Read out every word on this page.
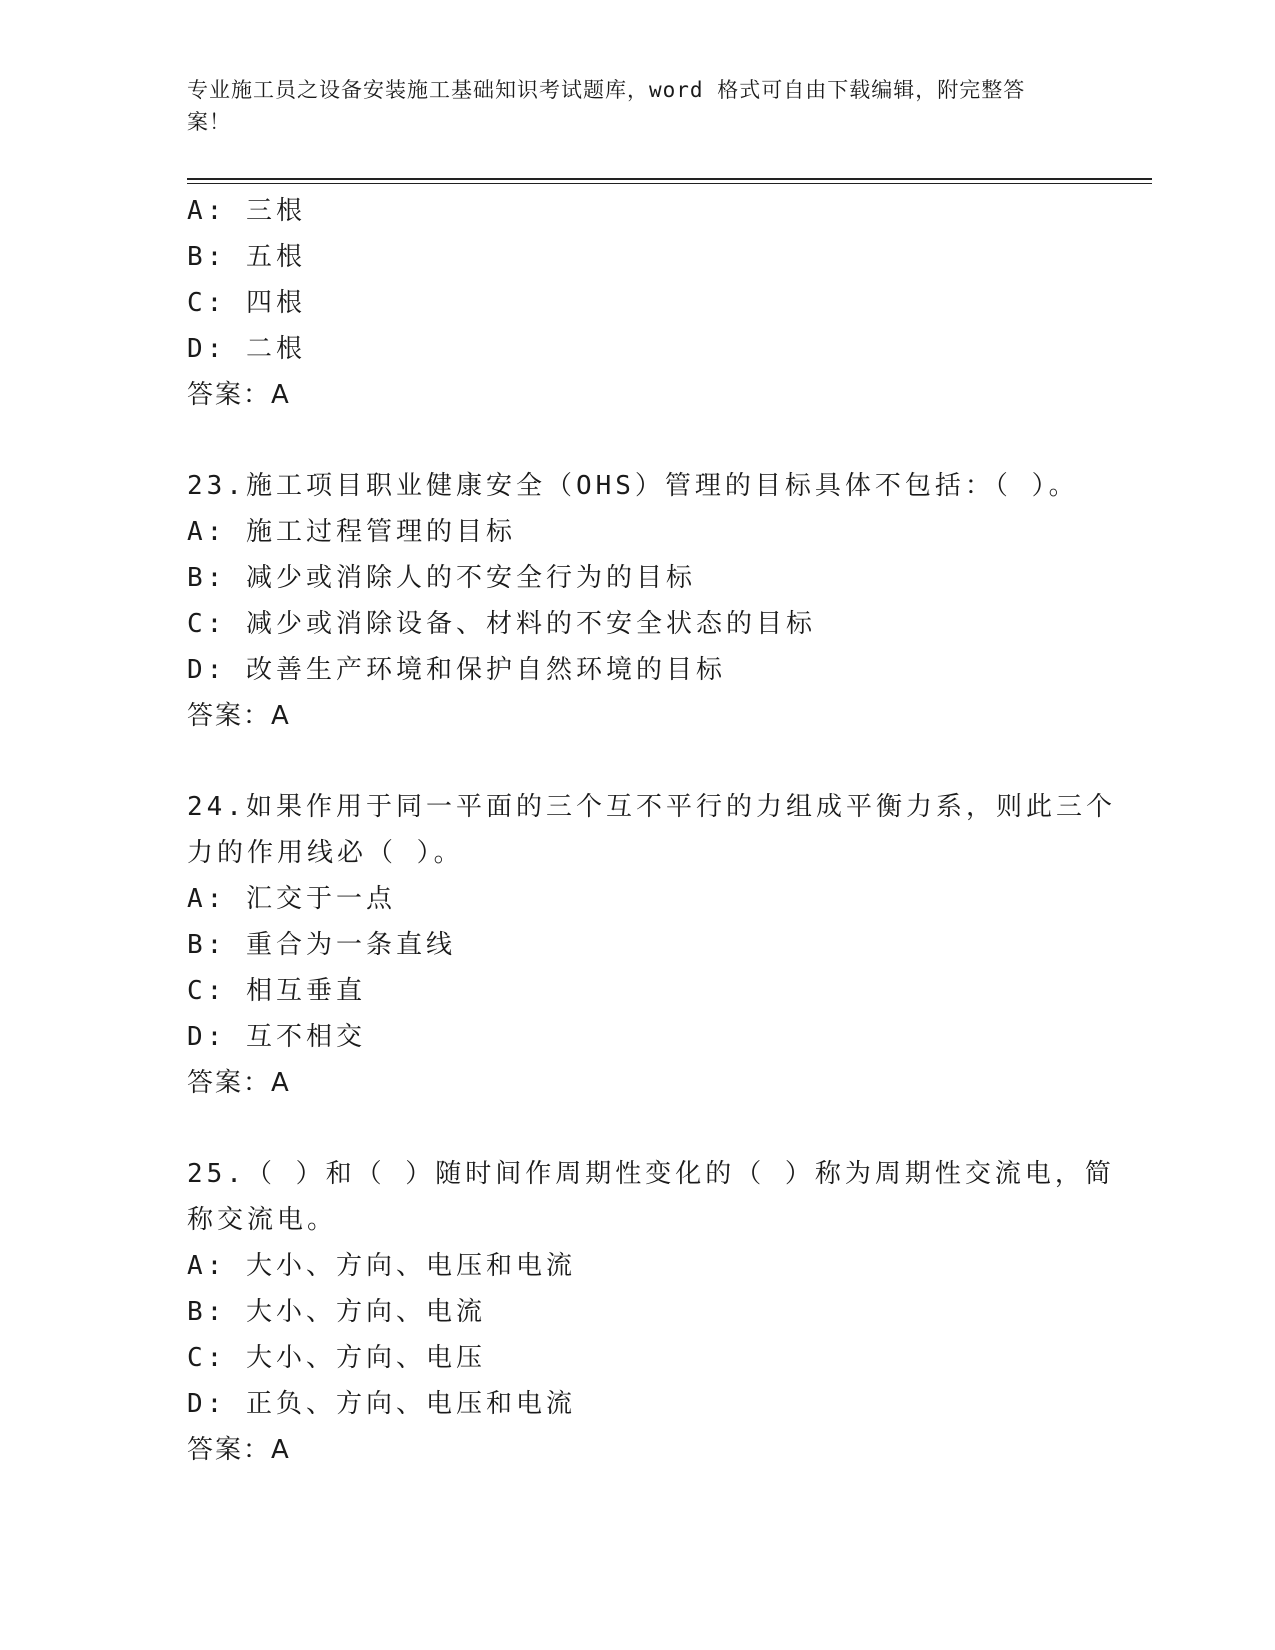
专业施工员之设备安装施工基础知识考试题库，word 格式可自由下载编辑，附完整答案！
A: 三根
B: 五根
C: 四根
D: 二根
答案：A
23.施工项目职业健康安全（OHS）管理的目标具体不包括：（ ）。
A: 施工过程管理的目标
B: 减少或消除人的不安全行为的目标
C: 减少或消除设备、材料的不安全状态的目标
D: 改善生产环境和保护自然环境的目标
答案：A
24.如果作用于同一平面的三个互不平行的力组成平衡力系，则此三个
力的作用线必（ ）。
A: 汇交于一点
B: 重合为一条直线
C: 相互垂直
D: 互不相交
答案：A
25.（ ）和（ ）随时间作周期性变化的（ ）称为周期性交流电，简
称交流电。
A: 大小、方向、电压和电流
B: 大小、方向、电流
C: 大小、方向、电压
D: 正负、方向、电压和电流
答案：A
